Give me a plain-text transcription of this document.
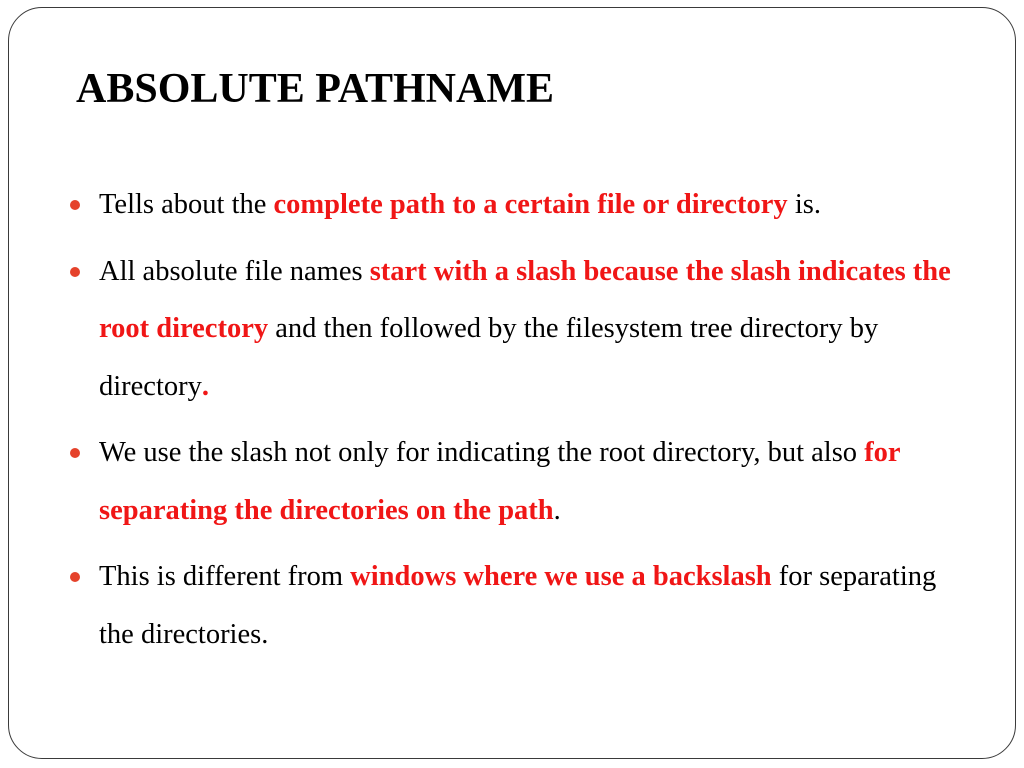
ABSOLUTE PATHNAME
Tells about the complete path to a certain file or directory is.
All absolute file names start with a slash because the slash indicates the root directory and then followed by the filesystem tree directory by directory.
We use the slash not only for indicating the root directory, but also for separating the directories on the path.
This is different from windows where we use a backslash for separating the directories.
